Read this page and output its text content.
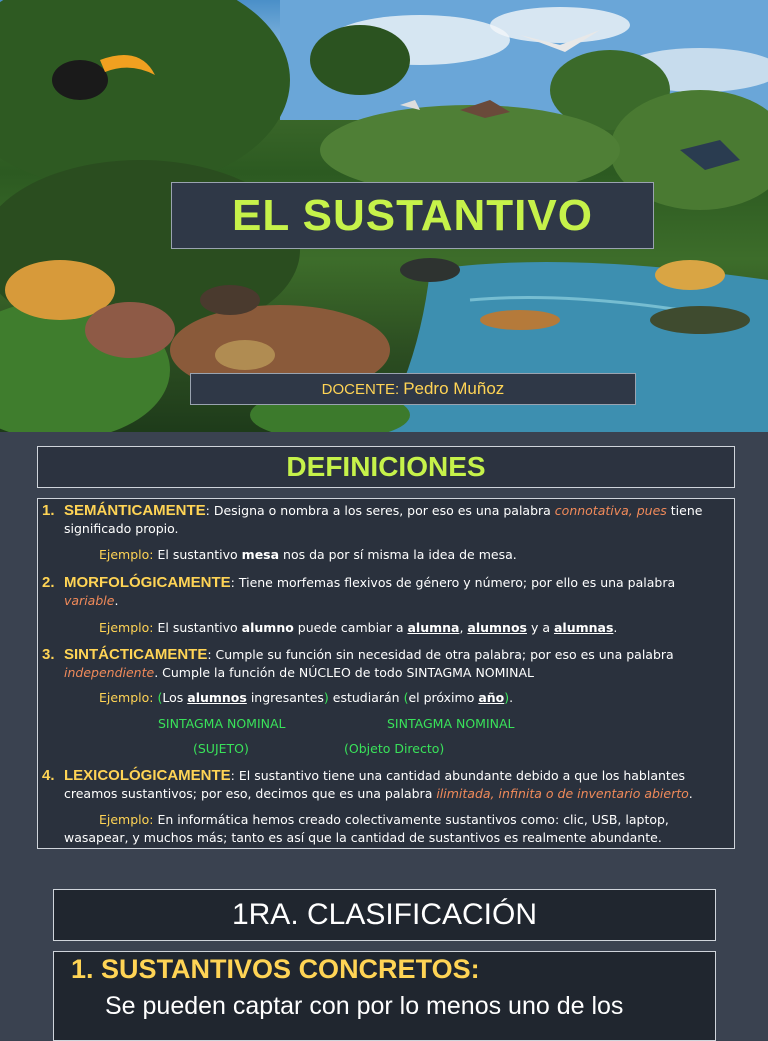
EL SUSTANTIVO
DOCENTE: Pedro Muñoz
DEFINICIONES
1. SEMÁNTICAMENTE: Designa o nombra a los seres, por eso es una palabra connotativa, pues tiene significado propio.
Ejemplo: El sustantivo mesa nos da por sí misma la idea de mesa.
2. MORFOLÓGICAMENTE: Tiene morfemas flexivos de género y número; por ello es una palabra variable.
Ejemplo: El sustantivo alumno puede cambiar a alumna, alumnos y a alumnas.
3. SINTÁCTICAMENTE: Cumple su función sin necesidad de otra palabra; por eso es una palabra independiente. Cumple la función de NÚCLEO de todo SINTAGMA NOMINAL
Ejemplo: (Los alumnos ingresantes) estudiarán (el próximo año).
SINTAGMA NOMINAL	SINTAGMA NOMINAL
(SUJETO)	(Objeto Directo)
4. LEXICOLÓGICAMENTE: El sustantivo tiene una cantidad abundante debido a que los hablantes creamos sustantivos; por eso, decimos que es una palabra ilimitada, infinita o de inventario abierto.
Ejemplo: En informática hemos creado colectivamente sustantivos como: clic, USB, laptop,
wasapear, y muchos más; tanto es así que la cantidad de sustantivos es realmente abundante.
1RA. CLASIFICACIÓN
1. SUSTANTIVOS CONCRETOS:
Se pueden captar con por lo menos uno de los
